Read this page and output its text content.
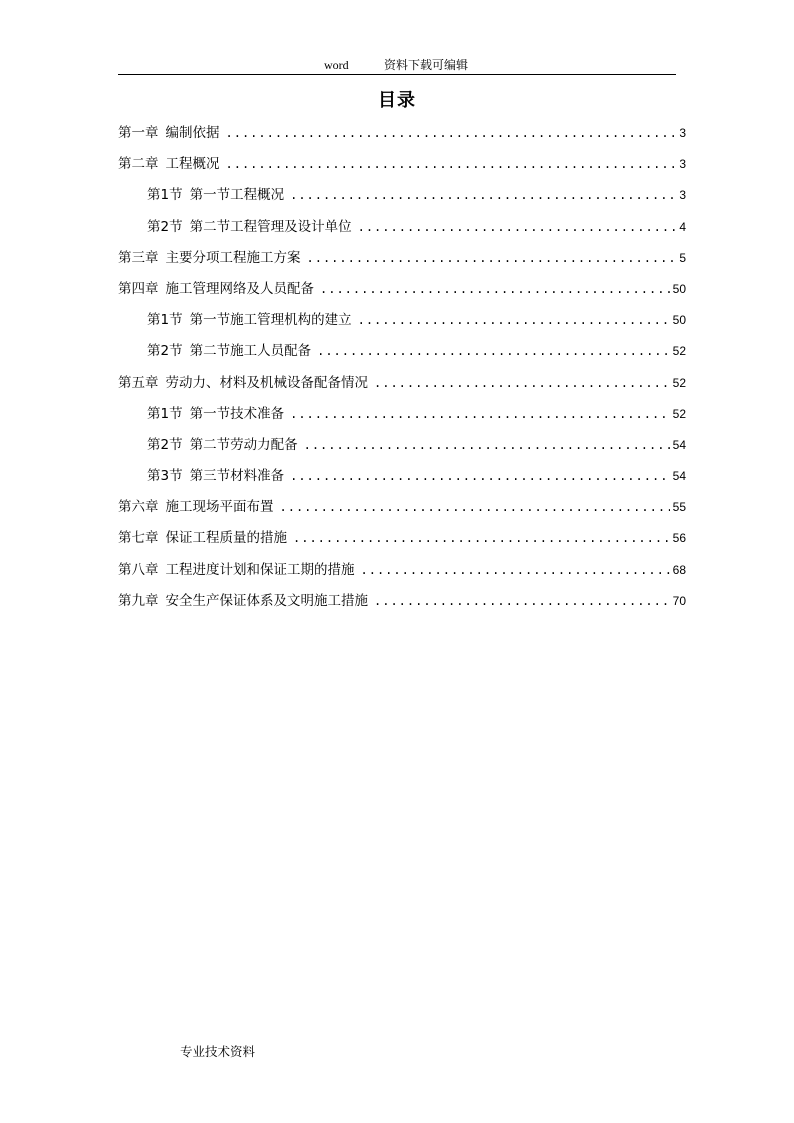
word	资料下载可编辑
目录
第一章 编制依据 .....	3
第二章 工程概况 .....	3
第1节 第一节工程概况 .....	3
第2节 第二节工程管理及设计单位 .....	4
第三章 主要分项工程施工方案 .....	5
第四章 施工管理网络及人员配备 .....	50
第1节 第一节施工管理机构的建立 .....	50
第2节 第二节施工人员配备 .....	52
第五章 劳动力、材料及机械设备配备情况 .....	52
第1节 第一节技术准备 .....	52
第2节 第二节劳动力配备 .....	54
第3节 第三节材料准备 .....	54
第六章 施工现场平面布置 .....	55
第七章 保证工程质量的措施 .....	56
第八章 工程进度计划和保证工期的措施 .....	68
第九章 安全生产保证体系及文明施工措施 .....	70
专业技术资料
